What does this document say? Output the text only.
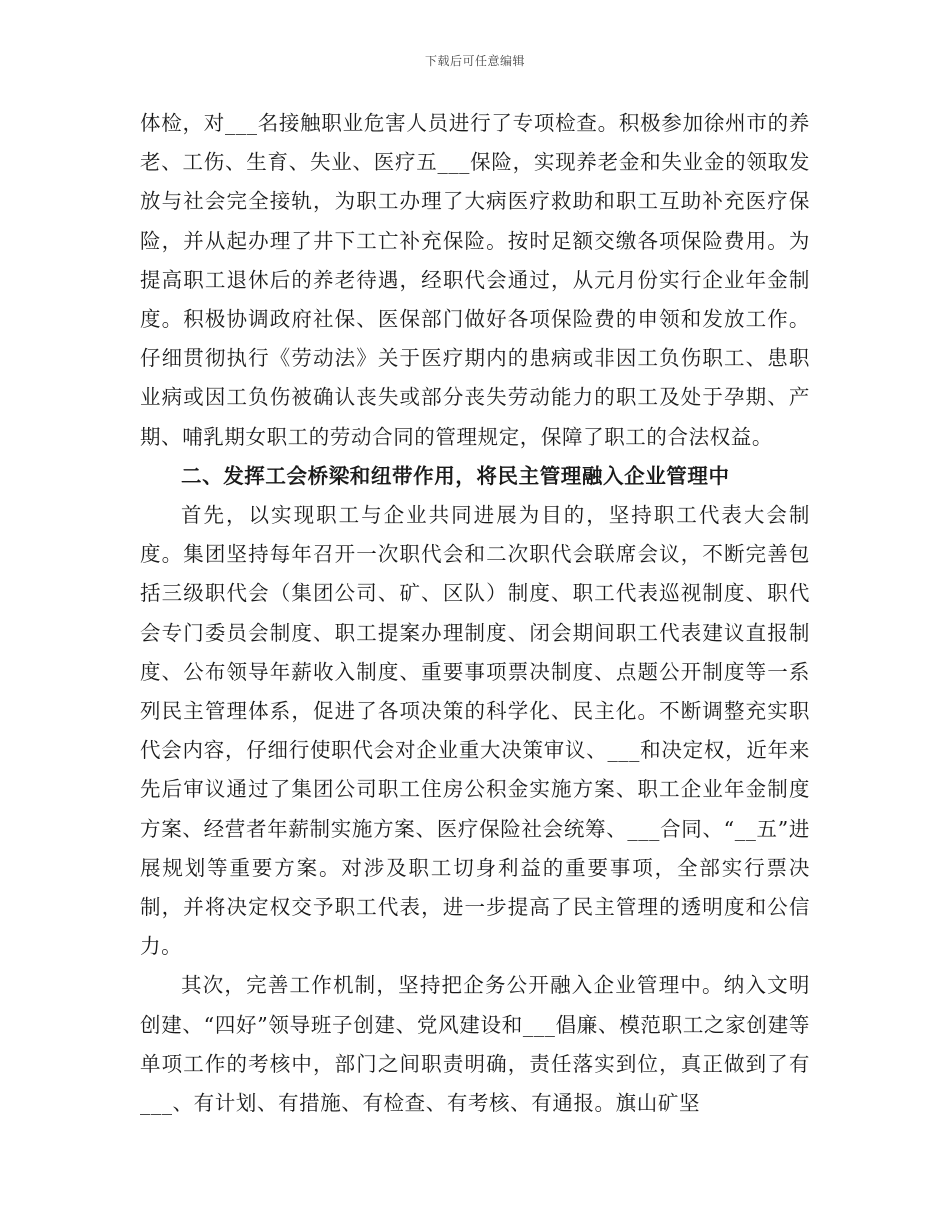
下载后可任意编辑

体检，对___名接触职业危害人员进行了专项检查。积极参加徐州市的养老、工伤、生育、失业、医疗五___保险，实现养老金和失业金的领取发放与社会完全接轨，为职工办理了大病医疗救助和职工互助补充医疗保险，并从起办理了井下工亡补充保险。按时足额交缴各项保险费用。为提高职工退休后的养老待遇，经职代会通过，从元月份实行企业年金制度。积极协调政府社保、医保部门做好各项保险费的申领和发放工作。仔细贯彻执行《劳动法》关于医疗期内的患病或非因工负伤职工、患职业病或因工负伤被确认丧失或部分丧失劳动能力的职工及处于孕期、产期、哺乳期女职工的劳动合同的管理规定，保障了职工的合法权益。

二、发挥工会桥梁和纽带作用，将民主管理融入企业管理中

首先，以实现职工与企业共同进展为目的，坚持职工代表大会制度。集团坚持每年召开一次职代会和二次职代会联席会议，不断完善包括三级职代会（集团公司、矿、区队）制度、职工代表巡视制度、职代会专门委员会制度、职工提案办理制度、闭会期间职工代表建议直报制度、公布领导年薪收入制度、重要事项票决制度、点题公开制度等一系列民主管理体系，促进了各项决策的科学化、民主化。不断调整充实职代会内容，仔细行使职代会对企业重大决策审议、___和决定权，近年来先后审议通过了集团公司职工住房公积金实施方案、职工企业年金制度方案、经营者年薪制实施方案、医疗保险社会统筹、___合同、“__五”进展规划等重要方案。对涉及职工切身利益的重要事项，全部实行票决制，并将决定权交予职工代表，进一步提高了民主管理的透明度和公信力。

其次，完善工作机制，坚持把企务公开融入企业管理中。纳入文明创建、“四好”领导班子创建、党风建设和___倡廉、模范职工之家创建等单项工作的考核中，部门之间职责明确，责任落实到位，真正做到了有___、有计划、有措施、有检查、有考核、有通报。旗山矿坚
